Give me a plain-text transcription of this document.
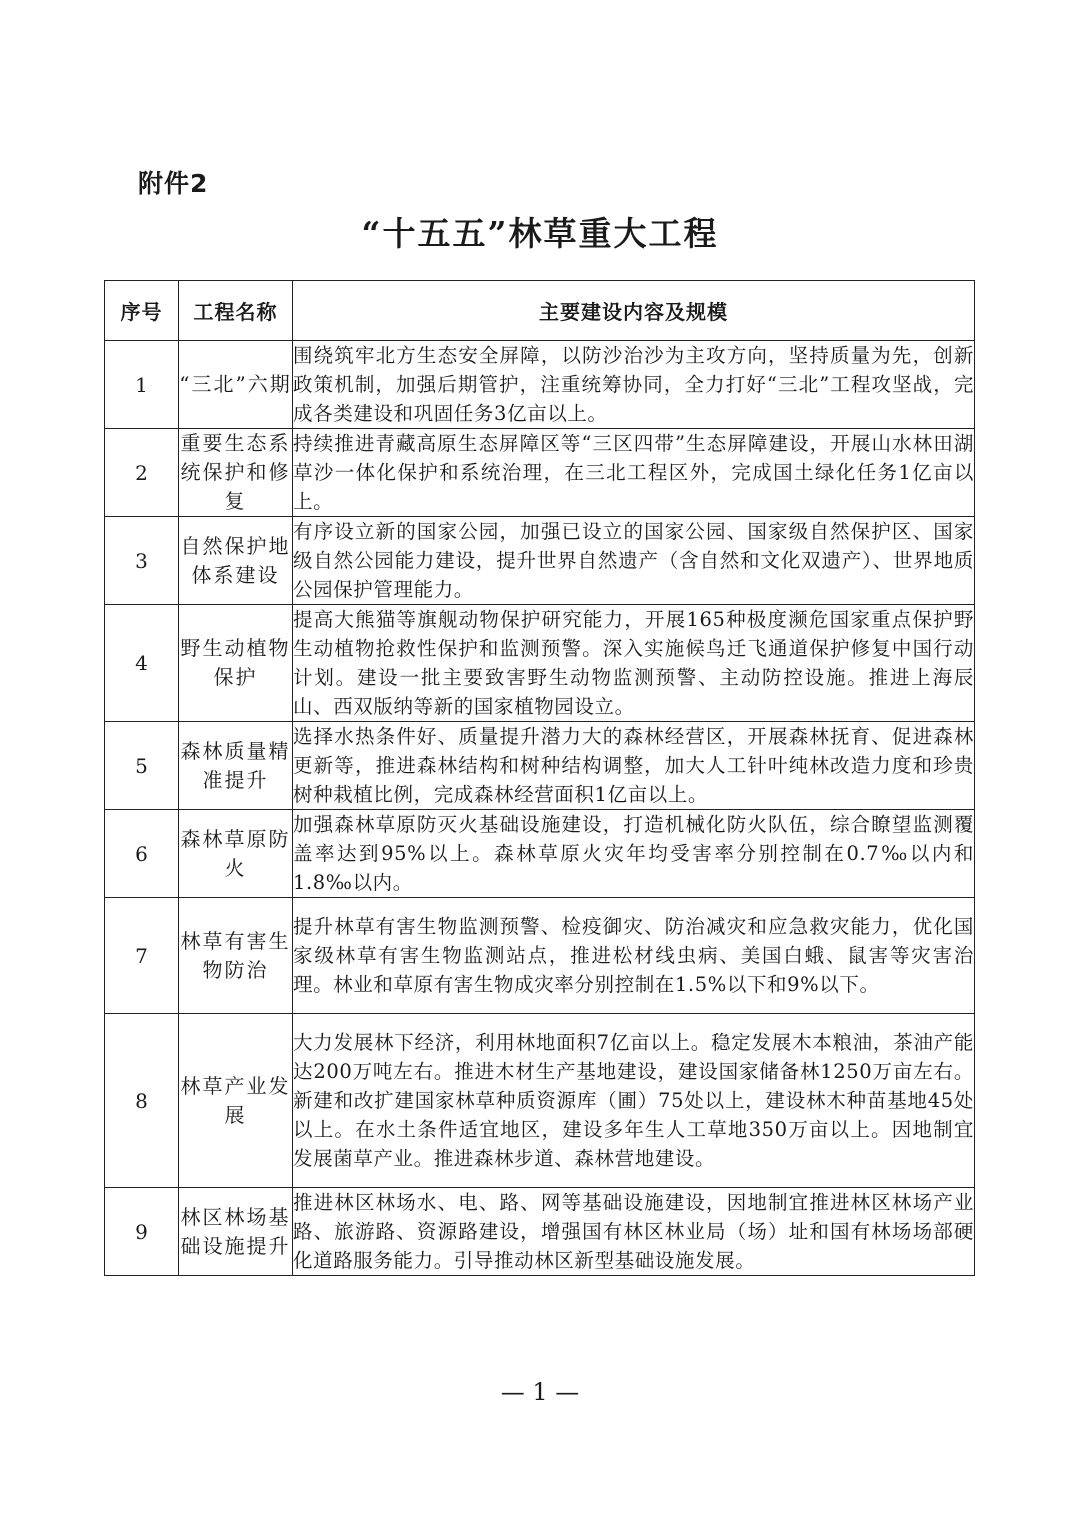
附件2
“十五五”林草重大工程
序号	工程名称	主要建设内容及规模
1	“三北”六期	围绕筑牢北方生态安全屏障，以防沙治沙为主攻方向，坚持质量为先，创新政策机制，加强后期管护，注重统筹协同，全力打好“三北”工程攻坚战，完成各类建设和巩固任务3亿亩以上。
2	重要生态系统保护和修复	持续推进青藏高原生态屏障区等“三区四带”生态屏障建设，开展山水林田湖草沙一体化保护和系统治理，在三北工程区外，完成国土绿化任务1亿亩以上。
3	自然保护地体系建设	有序设立新的国家公园，加强已设立的国家公园、国家级自然保护区、国家级自然公园能力建设，提升世界自然遗产（含自然和文化双遗产）、世界地质公园保护管理能力。
4	野生动植物保护	提高大熊猫等旗舰动物保护研究能力，开展165种极度濒危国家重点保护野生动植物抢救性保护和监测预警。深入实施候鸟迁飞通道保护修复中国行动计划。建设一批主要致害野生动物监测预警、主动防控设施。推进上海辰山、西双版纳等新的国家植物园设立。
5	森林质量精准提升	选择水热条件好、质量提升潜力大的森林经营区，开展森林抚育、促进森林更新等，推进森林结构和树种结构调整，加大人工针叶纯林改造力度和珍贵树种栽植比例，完成森林经营面积1亿亩以上。
6	森林草原防火	加强森林草原防灭火基础设施建设，打造机械化防火队伍，综合瞭望监测覆盖率达到95%以上。森林草原火灾年均受害率分别控制在0.7‰以内和1.8‰以内。
7	林草有害生物防治	提升林草有害生物监测预警、检疫御灾、防治减灾和应急救灾能力，优化国家级林草有害生物监测站点，推进松材线虫病、美国白蛾、鼠害等灾害治理。林业和草原有害生物成灾率分别控制在1.5%以下和9%以下。
8	林草产业发展	大力发展林下经济，利用林地面积7亿亩以上。稳定发展木本粮油，茶油产能达200万吨左右。推进木材生产基地建设，建设国家储备林1250万亩左右。新建和改扩建国家林草种质资源库（圃）75处以上，建设林木种苗基地45处以上。在水土条件适宜地区，建设多年生人工草地350万亩以上。因地制宜发展菌草产业。推进森林步道、森林营地建设。
9	林区林场基础设施提升	推进林区林场水、电、路、网等基础设施建设，因地制宜推进林区林场产业路、旅游路、资源路建设，增强国有林区林业局（场）址和国有林场场部硬化道路服务能力。引导推动林区新型基础设施发展。
— 1 —
